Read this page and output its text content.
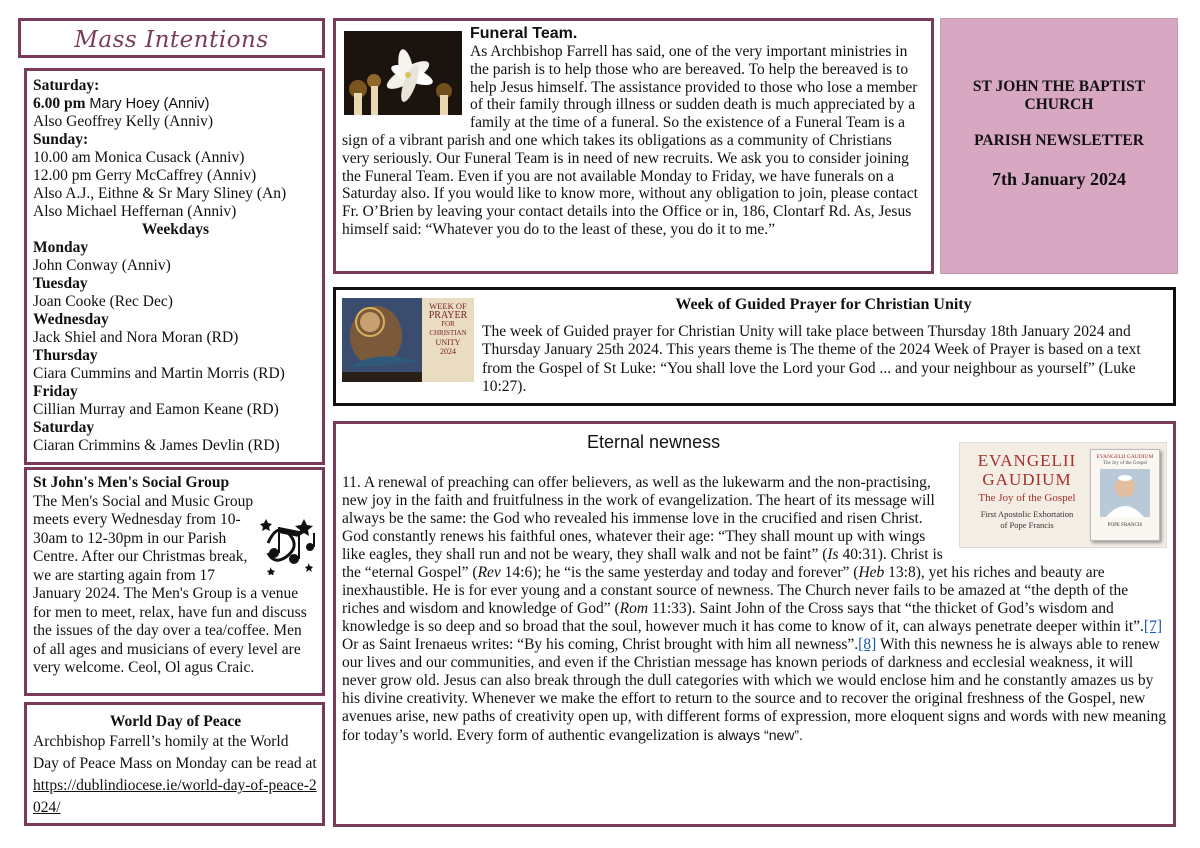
Mass Intentions
Saturday:
6.00 pm Mary Hoey (Anniv)
Also Geoffrey Kelly (Anniv)
Sunday:
10.00 am Monica Cusack (Anniv)
12.00 pm Gerry McCaffrey (Anniv)
Also A.J., Eithne & Sr Mary Sliney (An)
Also Michael Heffernan (Anniv)
Weekdays
Monday
John Conway (Anniv)
Tuesday
Joan Cooke (Rec Dec)
Wednesday
Jack Shiel and Nora Moran (RD)
Thursday
Ciara Cummins and Martin Morris (RD)
Friday
Cillian Murray and Eamon Keane (RD)
Saturday
Ciaran Crimmins & James Devlin (RD)
St John's Men's Social Group
The Men's Social and Music Group meets every Wednesday from 10-30am to 12-30pm in our Parish Centre. After our Christmas break, we are starting again from 17 January 2024. The Men's Group is a venue for men to meet, relax, have fun and discuss the issues of the day over a tea/coffee. Men of all ages and musicians of every level are very welcome. Ceol, Ol agus Craic.
World Day of Peace
Archbishop Farrell’s homily at the World Day of Peace Mass on Monday can be read at https://dublindiocese.ie/world-day-of-peace-2024/
Funeral Team.
As Archbishop Farrell has said, one of the very important ministries in the parish is to help those who are bereaved. To help the bereaved is to help Jesus himself. The assistance provided to those who lose a member of their family through illness or sudden death is much appreciated by a family at the time of a funeral. So the existence of a Funeral Team is a sign of a vibrant parish and one which takes its obligations as a community of Christians very seriously. Our Funeral Team is in need of new recruits. We ask you to consider joining the Funeral Team. Even if you are not available Monday to Friday, we have funerals on a Saturday also. If you would like to know more, without any obligation to join, please contact Fr. O’Brien by leaving your contact details into the Office or in, 186, Clontarf Rd. As, Jesus himself said: “Whatever you do to the least of these, you do it to me.”
ST JOHN THE BAPTIST
CHURCH
PARISH NEWSLETTER
7th January 2024
WEEK OF
PRAYER
FOR
CHRISTIAN
UNITY
2024
Week of Guided Prayer for Christian Unity
The week of Guided prayer for Christian Unity will take place between Thursday 18th January 2024 and Thursday January 25th 2024. This years theme is The theme of the 2024 Week of Prayer is based on a text from the Gospel of St Luke: “You shall love the Lord your God ... and your neighbour as yourself” (Luke 10:27).
Eternal newness
EVANGELII
GAUDIUM
The Joy of the Gospel
First Apostolic Exhortation
of Pope Francis
EVANGELII GAUDIUM
The Joy of the Gospel
POPE FRANCIS

11. A renewal of preaching can offer believers, as well as the lukewarm and the non-practising, new joy in the faith and fruitfulness in the work of evangelization. The heart of its message will always be the same: the God who revealed his immense love in the crucified and risen Christ. God constantly renews his faithful ones, whatever their age: “They shall mount up with wings like eagles, they shall run and not be weary, they shall walk and not be faint” (Is 40:31). Christ is the “eternal Gospel” (Rev 14:6); he “is the same yesterday and today and forever” (Heb 13:8), yet his riches and beauty are inexhaustible. He is for ever young and a constant source of newness. The Church never fails to be amazed at “the depth of the riches and wisdom and knowledge of God” (Rom 11:33). Saint John of the Cross says that “the thicket of God’s wisdom and knowledge is so deep and so broad that the soul, however much it has come to know of it, can always penetrate deeper within it”.[7] Or as Saint Irenaeus writes: “By his coming, Christ brought with him all newness”.[8] With this newness he is always able to renew our lives and our communities, and even if the Christian message has known periods of darkness and ecclesial weakness, it will never grow old. Jesus can also break through the dull categories with which we would enclose him and he constantly amazes us by his divine creativity. Whenever we make the effort to return to the source and to recover the original freshness of the Gospel, new avenues arise, new paths of creativity open up, with different forms of expression, more eloquent signs and words with new meaning for today’s world. Every form of authentic evangelization is always “new”.
